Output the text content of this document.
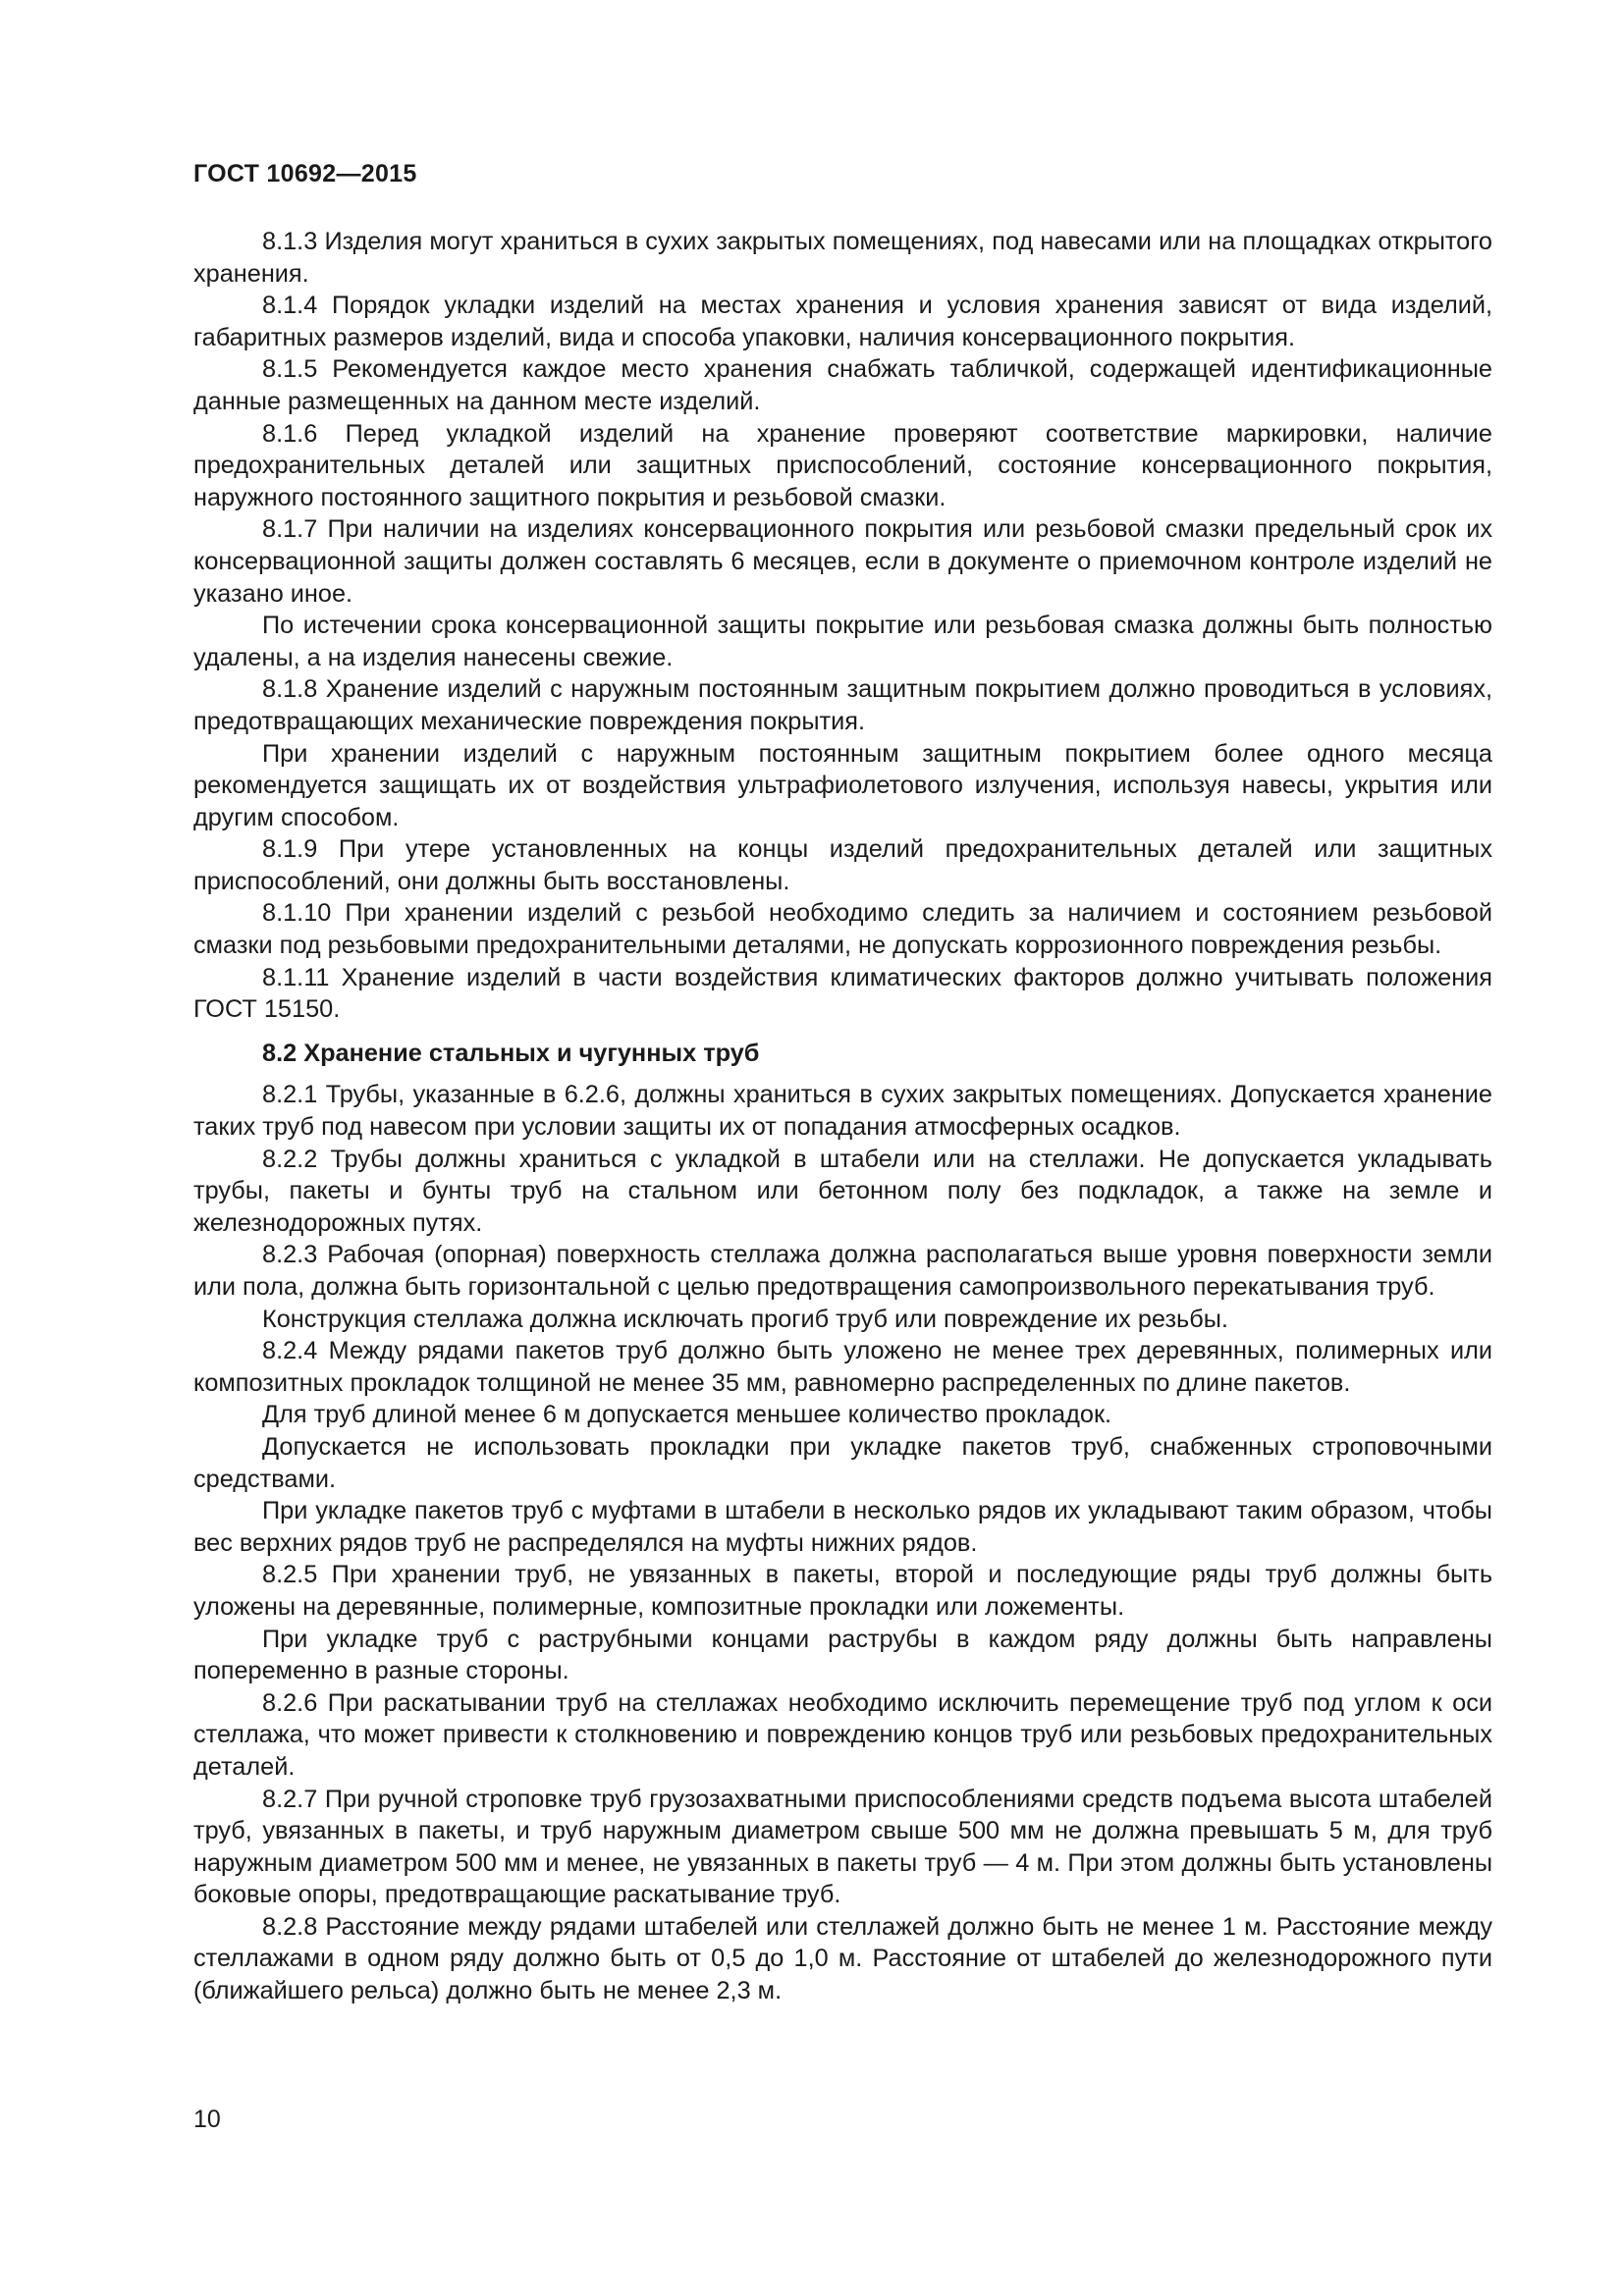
ГОСТ 10692—2015

8.1.3 Изделия могут храниться в сухих закрытых помещениях, под навесами или на площадках открытого хранения.

8.1.4 Порядок укладки изделий на местах хранения и условия хранения зависят от вида изделий, габаритных размеров изделий, вида и способа упаковки, наличия консервационного покрытия.

8.1.5 Рекомендуется каждое место хранения снабжать табличкой, содержащей идентификационные данные размещенных на данном месте изделий.

8.1.6 Перед укладкой изделий на хранение проверяют соответствие маркировки, наличие предохранительных деталей или защитных приспособлений, состояние консервационного покрытия, наружного постоянного защитного покрытия и резьбовой смазки.

8.1.7 При наличии на изделиях консервационного покрытия или резьбовой смазки предельный срок их консервационной защиты должен составлять 6 месяцев, если в документе о приемочном контроле изделий не указано иное.

По истечении срока консервационной защиты покрытие или резьбовая смазка должны быть полностью удалены, а на изделия нанесены свежие.

8.1.8 Хранение изделий с наружным постоянным защитным покрытием должно проводиться в условиях, предотвращающих механические повреждения покрытия.

При хранении изделий с наружным постоянным защитным покрытием более одного месяца рекомендуется защищать их от воздействия ультрафиолетового излучения, используя навесы, укрытия или другим способом.

8.1.9 При утере установленных на концы изделий предохранительных деталей или защитных приспособлений, они должны быть восстановлены.

8.1.10 При хранении изделий с резьбой необходимо следить за наличием и состоянием резьбовой смазки под резьбовыми предохранительными деталями, не допускать коррозионного повреждения резьбы.

8.1.11 Хранение изделий в части воздействия климатических факторов должно учитывать положения ГОСТ 15150.

8.2 Хранение стальных и чугунных труб

8.2.1 Трубы, указанные в 6.2.6, должны храниться в сухих закрытых помещениях. Допускается хранение таких труб под навесом при условии защиты их от попадания атмосферных осадков.

8.2.2 Трубы должны храниться с укладкой в штабели или на стеллажи. Не допускается укладывать трубы, пакеты и бунты труб на стальном или бетонном полу без подкладок, а также на земле и железнодорожных путях.

8.2.3 Рабочая (опорная) поверхность стеллажа должна располагаться выше уровня поверхности земли или пола, должна быть горизонтальной с целью предотвращения самопроизвольного перекатывания труб.

Конструкция стеллажа должна исключать прогиб труб или повреждение их резьбы.

8.2.4 Между рядами пакетов труб должно быть уложено не менее трех деревянных, полимерных или композитных прокладок толщиной не менее 35 мм, равномерно распределенных по длине пакетов.

Для труб длиной менее 6 м допускается меньшее количество прокладок.

Допускается не использовать прокладки при укладке пакетов труб, снабженных строповочными средствами.

При укладке пакетов труб с муфтами в штабели в несколько рядов их укладывают таким образом, чтобы вес верхних рядов труб не распределялся на муфты нижних рядов.

8.2.5 При хранении труб, не увязанных в пакеты, второй и последующие ряды труб должны быть уложены на деревянные, полимерные, композитные прокладки или ложементы.

При укладке труб с раструбными концами раструбы в каждом ряду должны быть направлены попеременно в разные стороны.

8.2.6 При раскатывании труб на стеллажах необходимо исключить перемещение труб под углом к оси стеллажа, что может привести к столкновению и повреждению концов труб или резьбовых предохранительных деталей.

8.2.7 При ручной строповке труб грузозахватными приспособлениями средств подъема высота штабелей труб, увязанных в пакеты, и труб наружным диаметром свыше 500 мм не должна превышать 5 м, для труб наружным диаметром 500 мм и менее, не увязанных в пакеты труб — 4 м. При этом должны быть установлены боковые опоры, предотвращающие раскатывание труб.

8.2.8 Расстояние между рядами штабелей или стеллажей должно быть не менее 1 м. Расстояние между стеллажами в одном ряду должно быть от 0,5 до 1,0 м. Расстояние от штабелей до железнодорожного пути (ближайшего рельса) должно быть не менее 2,3 м.

10
